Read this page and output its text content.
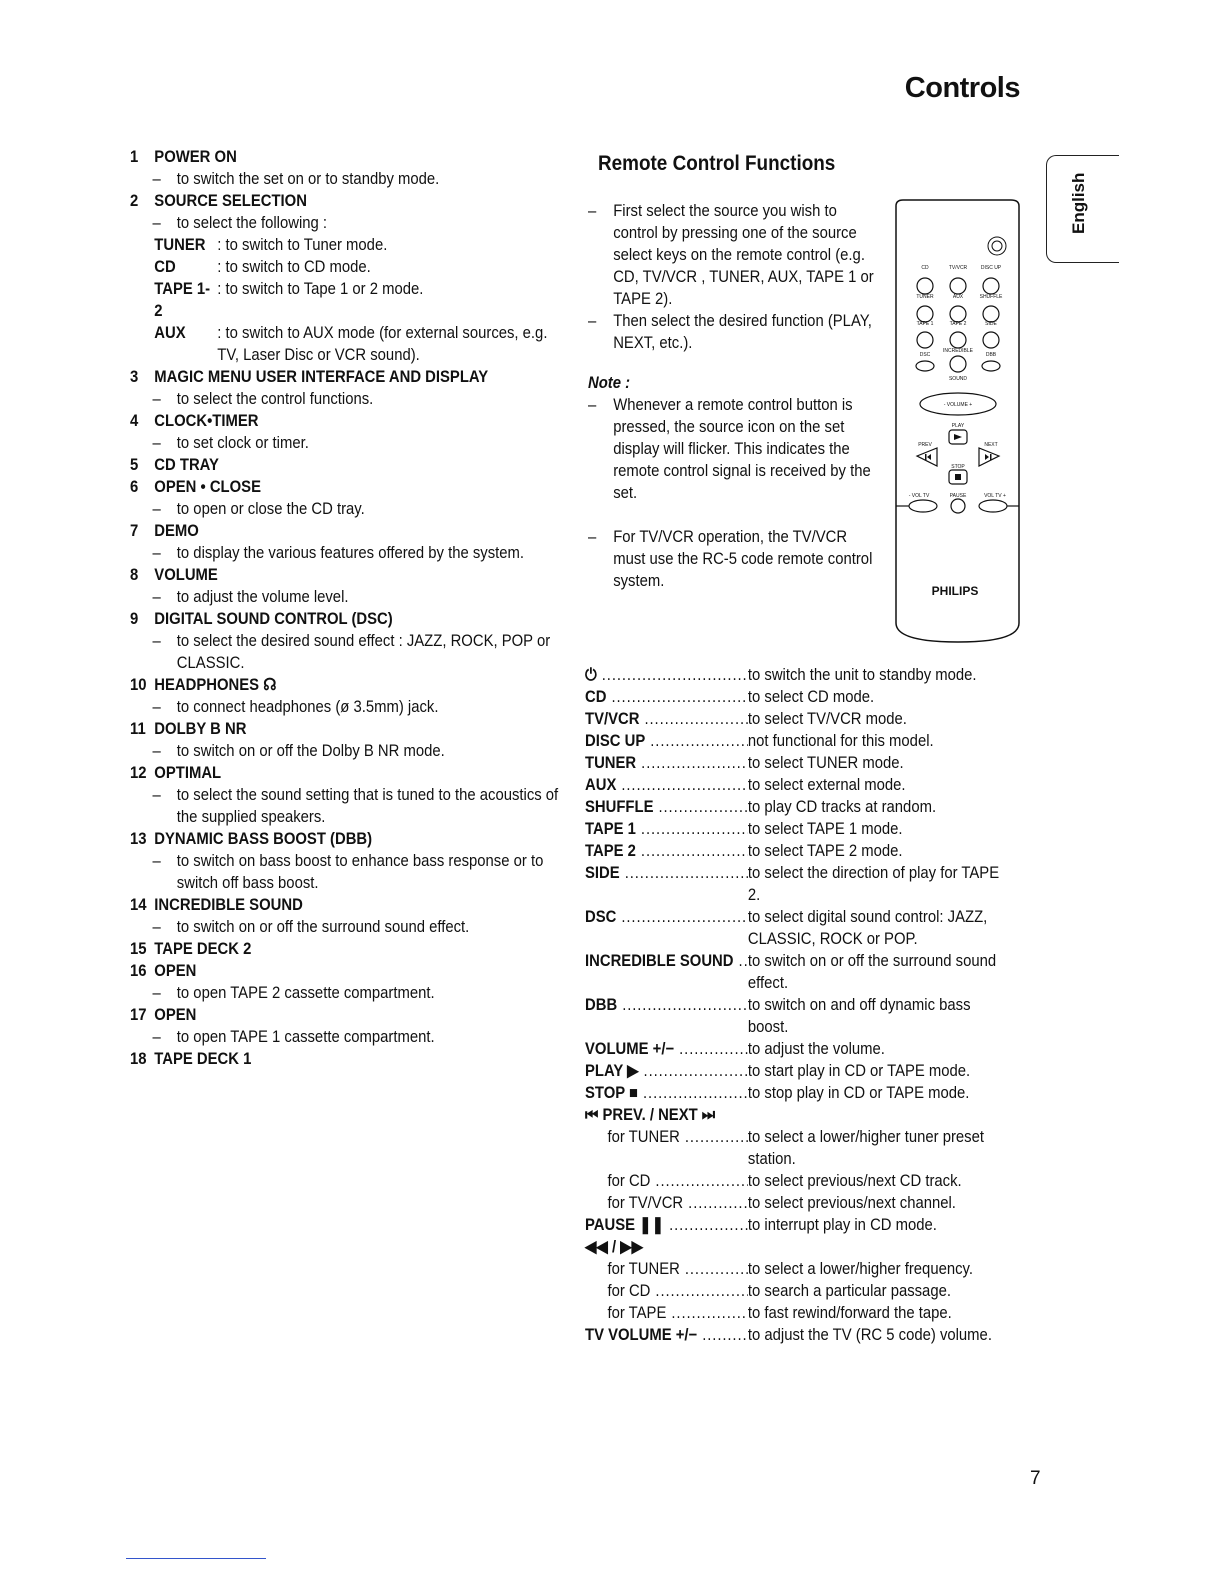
Controls
English
1 POWER ON
– to switch the set on or to standby mode.
2 SOURCE SELECTION
– to select the following :
TUNER : to switch to Tuner mode.
CD	: to switch to CD mode.
TAPE 1-2
: to switch to Tape 1 or 2 mode.
AUX	: to switch to AUX mode (for external sources, e.g. TV, Laser Disc or VCR sound).
3 MAGIC MENU USER INTERFACE AND DISPLAY
– to select the control functions.
4 CLOCK•TIMER
– to set clock or timer.
5 CD TRAY
6 OPEN • CLOSE
– to open or close the CD tray.
7 DEMO
– to display the various features offered by the system.
8 VOLUME
– to adjust the volume level.
9 DIGITAL SOUND CONTROL (DSC)
– to select the desired sound effect : JAZZ, ROCK, POP or CLASSIC.
10 HEADPHONES ☊
– to connect headphones (ø 3.5mm) jack.
11 DOLBY B NR
– to switch on or off the Dolby B NR mode.
12 OPTIMAL
– to select the sound setting that is tuned to the acoustics of the supplied speakers.
13 DYNAMIC BASS BOOST (DBB)
– to switch on bass boost to enhance bass response or to switch off bass boost.
14 INCREDIBLE SOUND
– to switch on or off the surround sound effect.
15 TAPE DECK 2
16 OPEN
– to open TAPE 2 cassette compartment.
17 OPEN
– to open TAPE 1 cassette compartment.
18 TAPE DECK 1
Remote Control Functions
– First select the source you wish to control by pressing one of the source select keys on the remote control (e.g. CD, TV/VCR , TUNER, AUX, TAPE 1 or TAPE 2).
– Then select the desired function (PLAY, NEXT, etc.).
Note :
– Whenever a remote control button is pressed, the source icon on the set display will flicker. This indicates the remote control signal is received by the set.
– For TV/VCR operation, the TV/VCR must use the RC-5 code remote control system.
CD	TV/VCR	DISC UP
TUNER	AUX	SHUFFLE
TAPE 1	TAPE 2	SIDE
DSC
INCREDIBLE
DBB
SOUND
- VOLUME +
PLAY
PREV	NEXT
STOP
- VOL TV	PAUSE	VOL TV +
PHILIPS
⏻ .....	to switch the unit to standby mode.
CD .....	to select CD mode.
TV/VCR .....	to select TV/VCR mode.
DISC UP .....	not functional for this model.
TUNER .....	to select TUNER mode.
AUX .....	to select external mode.
SHUFFLE .....	to play CD tracks at random.
TAPE 1 .....	to select TAPE 1 mode.
TAPE 2 .....	to select TAPE 2 mode.
SIDE .....	to select the direction of play for TAPE 2.
DSC .....	to select digital sound control: JAZZ, CLASSIC, ROCK or POP.
INCREDIBLE SOUND ..... to switch on or off the surround sound effect.
DBB .....	to switch on and off dynamic bass boost.
VOLUME +/− .....	to adjust the volume.
PLAY ▶ .....	to start play in CD or TAPE mode.
STOP ■ .....	to stop play in CD or TAPE mode.
⏮ PREV. / NEXT ⏭
for TUNER .....	to select a lower/higher tuner preset station.
for CD .....	to select previous/next CD track.
for TV/VCR .....	to select previous/next channel.
PAUSE ❚❚ .....	to interrupt play in CD mode.
◀◀ / ▶▶
for TUNER .....	to select a lower/higher frequency.
for CD .....	to search a particular passage.
for TAPE .....	to fast rewind/forward the tape.
TV VOLUME +/− .....	to adjust the TV (RC 5 code) volume.
7
